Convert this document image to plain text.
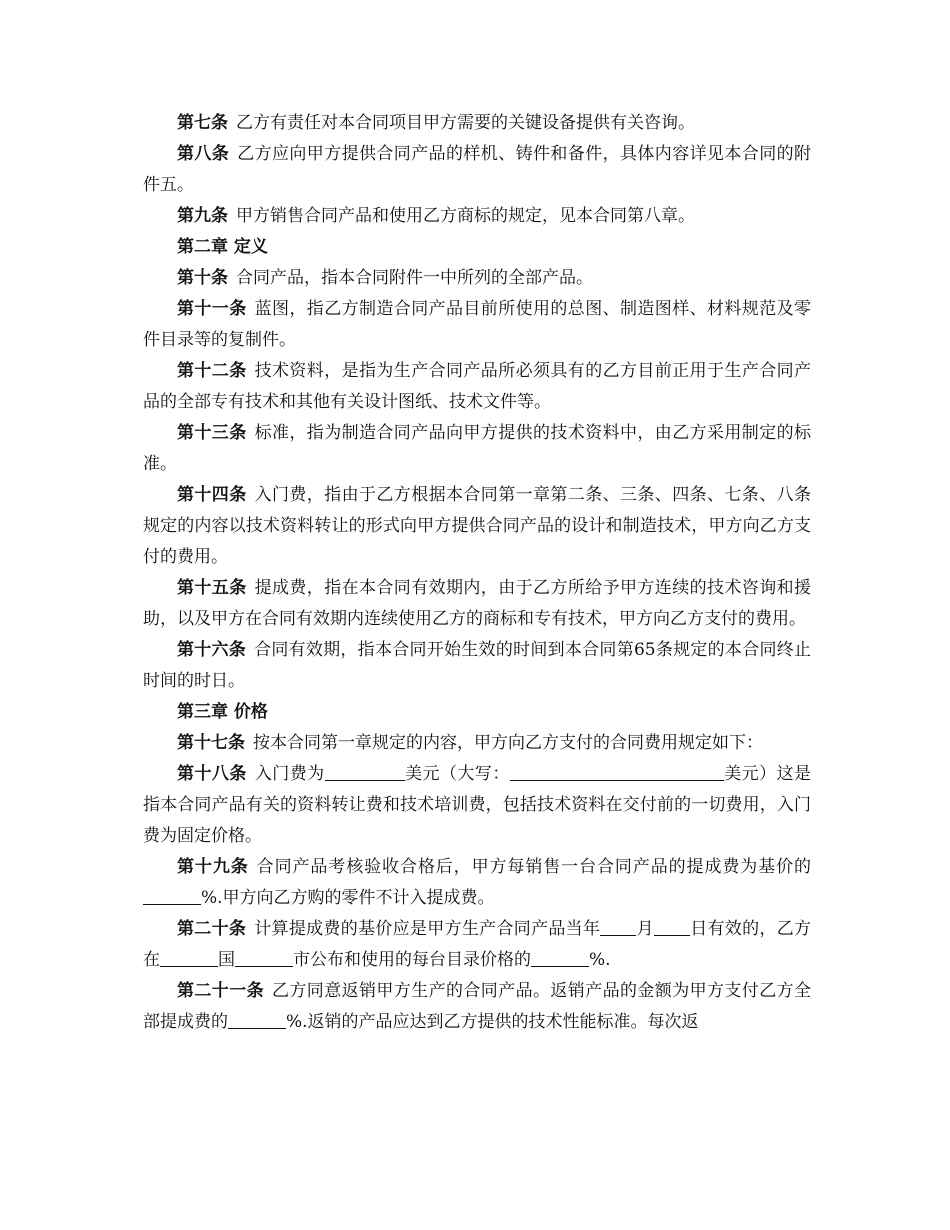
第七条 乙方有责任对本合同项目甲方需要的关键设备提供有关咨询。

第八条 乙方应向甲方提供合同产品的样机、铸件和备件，具体内容详见本合同的附件五。

第九条 甲方销售合同产品和使用乙方商标的规定，见本合同第八章。

第二章 定义

第十条 合同产品，指本合同附件一中所列的全部产品。

第十一条 蓝图，指乙方制造合同产品目前所使用的总图、制造图样、材料规范及零件目录等的复制件。

第十二条 技术资料，是指为生产合同产品所必须具有的乙方目前正用于生产合同产品的全部专有技术和其他有关设计图纸、技术文件等。

第十三条 标准，指为制造合同产品向甲方提供的技术资料中，由乙方采用制定的标准。

第十四条 入门费，指由于乙方根据本合同第一章第二条、三条、四条、七条、八条规定的内容以技术资料转让的形式向甲方提供合同产品的设计和制造技术，甲方向乙方支付的费用。

第十五条 提成费，指在本合同有效期内，由于乙方所给予甲方连续的技术咨询和援助，以及甲方在合同有效期内连续使用乙方的商标和专有技术，甲方向乙方支付的费用。

第十六条 合同有效期，指本合同开始生效的时间到本合同第65条规定的本合同终止时间的时日。

第三章 价格

第十七条 按本合同第一章规定的内容，甲方向乙方支付的合同费用规定如下：

第十八条 入门费为	美元（大写：	美元）这是指本合同产品有关的资料转让费和技术培训费，包括技术资料在交付前的一切费用，入门费为固定价格。

第十九条 合同产品考核验收合格后，甲方每销售一台合同产品的提成费为基价的%.甲方向乙方购的零件不计入提成费。

第二十条 计算提成费的基价应是甲方生产合同产品当年 月 日有效的，乙方在	国	市公布和使用的每台目录价格的	%.

第二十一条 乙方同意返销甲方生产的合同产品。返销产品的金额为甲方支付乙方全部提成费的	%.返销的产品应达到乙方提供的技术性能标准。每次返
